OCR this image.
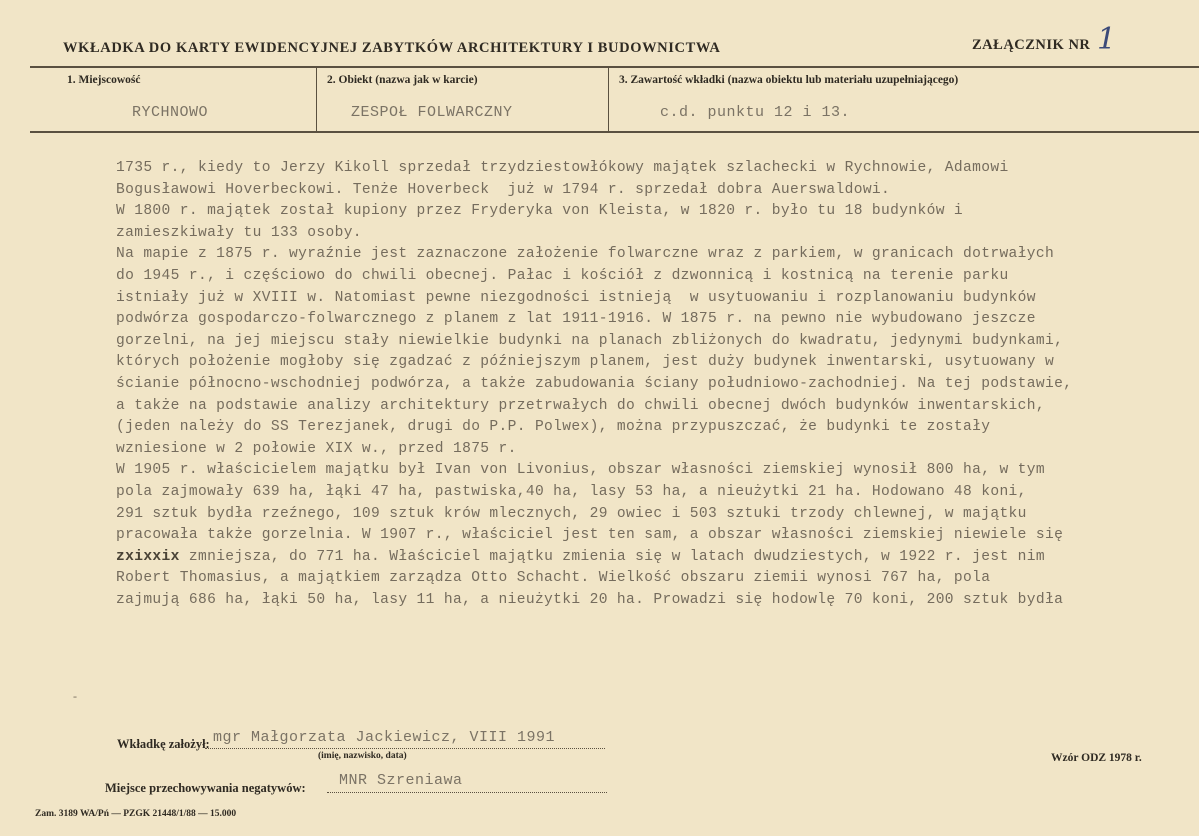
WKŁADKA DO KARTY EWIDENCYJNEJ ZABYTKÓW ARCHITEKTURY I BUDOWNICTWA	ZAŁĄCZNIK NR 1
1. Miejscowość
RYCHNOWO
2. Obiekt (nazwa jak w karcie)
ZESPOŁ FOLWARCZNY
3. Zawartość wkładki (nazwa obiektu lub materiału uzupełniającego)
c.d. punktu 12 i 13.
1735 r., kiedy to Jerzy Kikoll sprzedał trzydziestowłókowy majątek szlachecki w Rychnowie, Adamowi
Bogusławowi Hoverbeckowi. Tenże Hoverbeck  już w 1794 r. sprzedał dobra Auerswaldowi.
W 1800 r. majątek został kupiony przez Fryderyka von Kleista, w 1820 r. było tu 18 budynków i
zamieszkiwały tu 133 osoby.
Na mapie z 1875 r. wyraźnie jest zaznaczone założenie folwarczne wraz z parkiem, w granicach dotrwałych
do 1945 r., i częściowo do chwili obecnej. Pałac i kościół z dzwonnicą i kostnicą na terenie parku
istniały już w XVIII w. Natomiast pewne niezgodności istnieją  w usytuowaniu i rozplanowaniu budynków
podwórza gospodarczo-folwarcznego z planem z lat 1911-1916. W 1875 r. na pewno nie wybudowano jeszcze
gorzelni, na jej miejscu stały niewielkie budynki na planach zbliżonych do kwadratu, jedynymi budynkami,
których położenie mogłoby się zgadzać z późniejszym planem, jest duży budynek inwentarski, usytuowany w
ścianie północno-wschodniej podwórza, a także zabudowania ściany południowo-zachodniej. Na tej podstawie,
a także na podstawie analizy architektury przetrwałych do chwili obecnej dwóch budynków inwentarskich,
(jeden należy do SS Terezjanek, drugi do P.P. Polwex), można przypuszczać, że budynki te zostały
wzniesione w 2 połowie XIX w., przed 1875 r.
W 1905 r. właścicielem majątku był Ivan von Livonius, obszar własności ziemskiej wynosił 800 ha, w tym
pola zajmowały 639 ha, łąki 47 ha, pastwiska,40 ha, lasy 53 ha, a nieużytki 21 ha. Hodowano 48 koni,
291 sztuk bydła rzeźnego, 109 sztuk krów mlecznych, 29 owiec i 503 sztuki trzody chlewnej, w majątku
pracowała także gorzelnia. W 1907 r., właściciel jest ten sam, a obszar własności ziemskiej niewiele się
zxixxix zmniejsza, do 771 ha. Właściciel majątku zmienia się w latach dwudziestych, w 1922 r. jest nim
Robert Thomasius, a majątkiem zarządza Otto Schacht. Wielkość obszaru ziemii wynosi 767 ha, pola
zajmują 686 ha, łąki 50 ha, lasy 11 ha, a nieużytki 20 ha. Prowadzi się hodowlę 70 koni, 200 sztuk bydła
-
Wkładkę założył: mgr Małgorzata Jackiewicz, VIII 1991
(imię, nazwisko, data)
Miejsce przechowywania negatywów: MNR Szreniawa
Wzór ODZ 1978 r.
Zam. 3189 WA/Pń — PZGK 21448/1/88 — 15.000
